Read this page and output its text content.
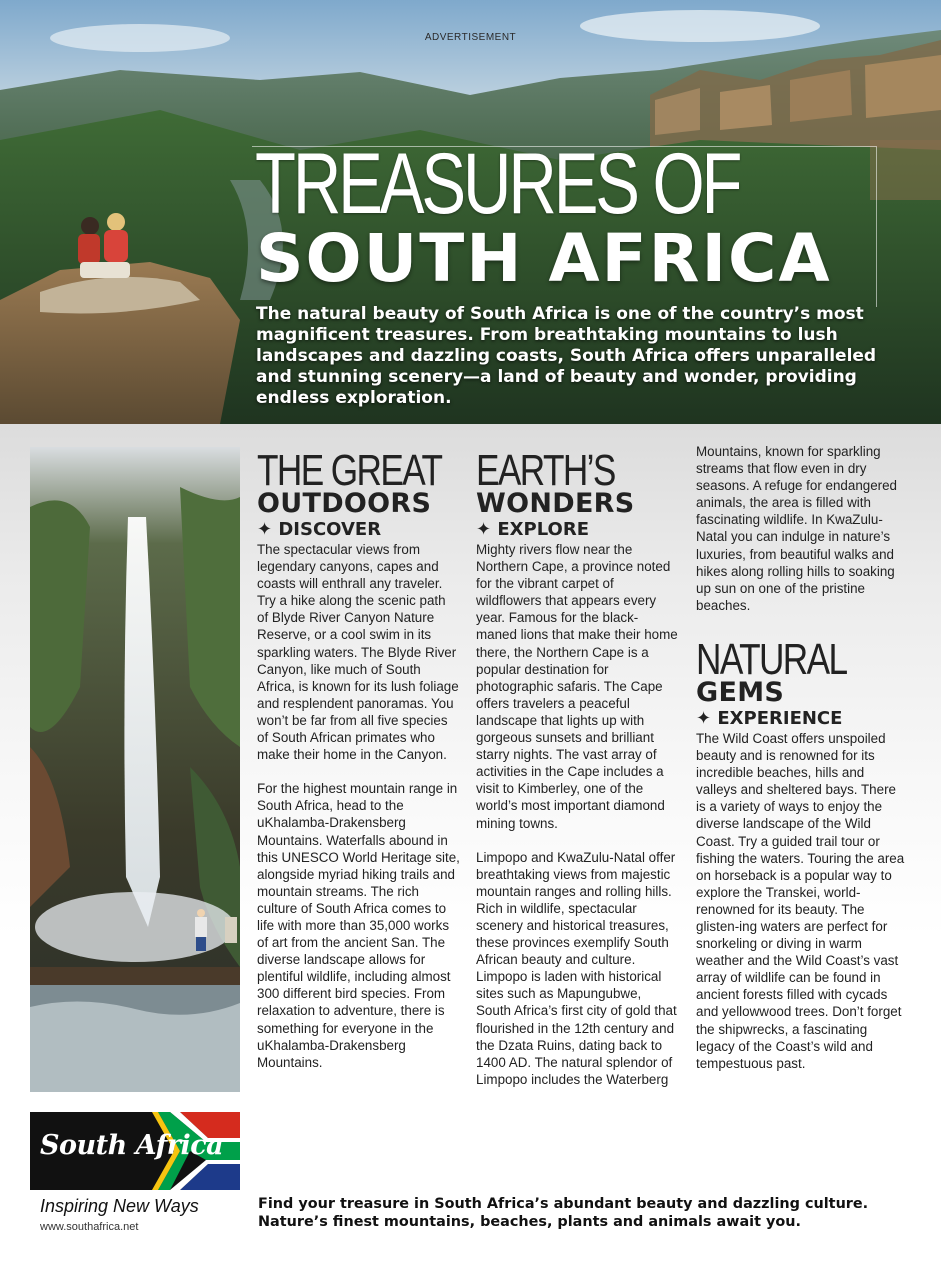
ADVERTISEMENT
TREASURES OF
SOUTH AFRICA
The natural beauty of South Africa is one of the country’s most magnificent treasures. From breathtaking mountains to lush landscapes and dazzling coasts, South Africa offers unparalleled and stunning scenery—a land of beauty and wonder, providing endless exploration.
THE GREAT
OUTDOORS
✦ DISCOVER

The spectacular views from legendary canyons, capes and coasts will enthrall any traveler. Try a hike along the scenic path of Blyde River Canyon Nature Reserve, or a cool swim in its sparkling waters. The Blyde River Canyon, like much of South Africa, is known for its lush foliage and resplendent panoramas. You won’t be far from all five species of South African primates who make their home in the Canyon.

For the highest mountain range in South Africa, head to the uKhalamba-Drakensberg Mountains. Waterfalls abound in this UNESCO World Heritage site, alongside myriad hiking trails and mountain streams. The rich culture of South Africa comes to life with more than 35,000 works of art from the ancient San. The diverse landscape allows for plentiful wildlife, including almost 300 different bird species. From relaxation to adventure, there is something for everyone in the uKhalamba-Drakensberg Mountains.

EARTH’S
WONDERS
✦ EXPLORE

Mighty rivers flow near the Northern Cape, a province noted for the vibrant carpet of wildflowers that appears every year. Famous for the black-maned lions that make their home there, the Northern Cape is a popular destination for photographic safaris. The Cape offers travelers a peaceful landscape that lights up with gorgeous sunsets and brilliant starry nights. The vast array of activities in the Cape includes a visit to Kimberley, one of the world’s most important diamond mining towns.

Limpopo and KwaZulu-Natal offer breathtaking views from majestic mountain ranges and rolling hills. Rich in wildlife, spectacular scenery and historical treasures, these provinces exemplify South African beauty and culture. Limpopo is laden with historical sites such as Mapungubwe, South Africa’s first city of gold that flourished in the 12th century and the Dzata Ruins, dating back to 1400 AD. The natural splendor of Limpopo includes the Waterberg

Mountains, known for sparkling streams that flow even in dry seasons. A refuge for endangered animals, the area is filled with fascinating wildlife. In KwaZulu-Natal you can indulge in nature’s luxuries, from beautiful walks and hikes along rolling hills to soaking up sun on one of the pristine beaches.

NATURAL
GEMS
✦ EXPERIENCE

The Wild Coast offers unspoiled beauty and is renowned for its incredible beaches, hills and valleys and sheltered bays. There is a variety of ways to enjoy the diverse landscape of the Wild Coast. Try a guided trail tour or fishing the waters. Touring the area on horseback is a popular way to explore the Transkei, world-renowned for its beauty. The glisten-ing waters are perfect for snorkeling or diving in warm weather and the Wild Coast’s vast array of wildlife can be found in ancient forests filled with cycads and yellowwood trees. Don’t forget the shipwrecks, a fascinating legacy of the Coast’s wild and tempestuous past.

South Africa
Inspiring New Ways
www.southafrica.net
Find your treasure in South Africa’s abundant beauty and dazzling culture.
Nature’s finest mountains, beaches, plants and animals await you.
